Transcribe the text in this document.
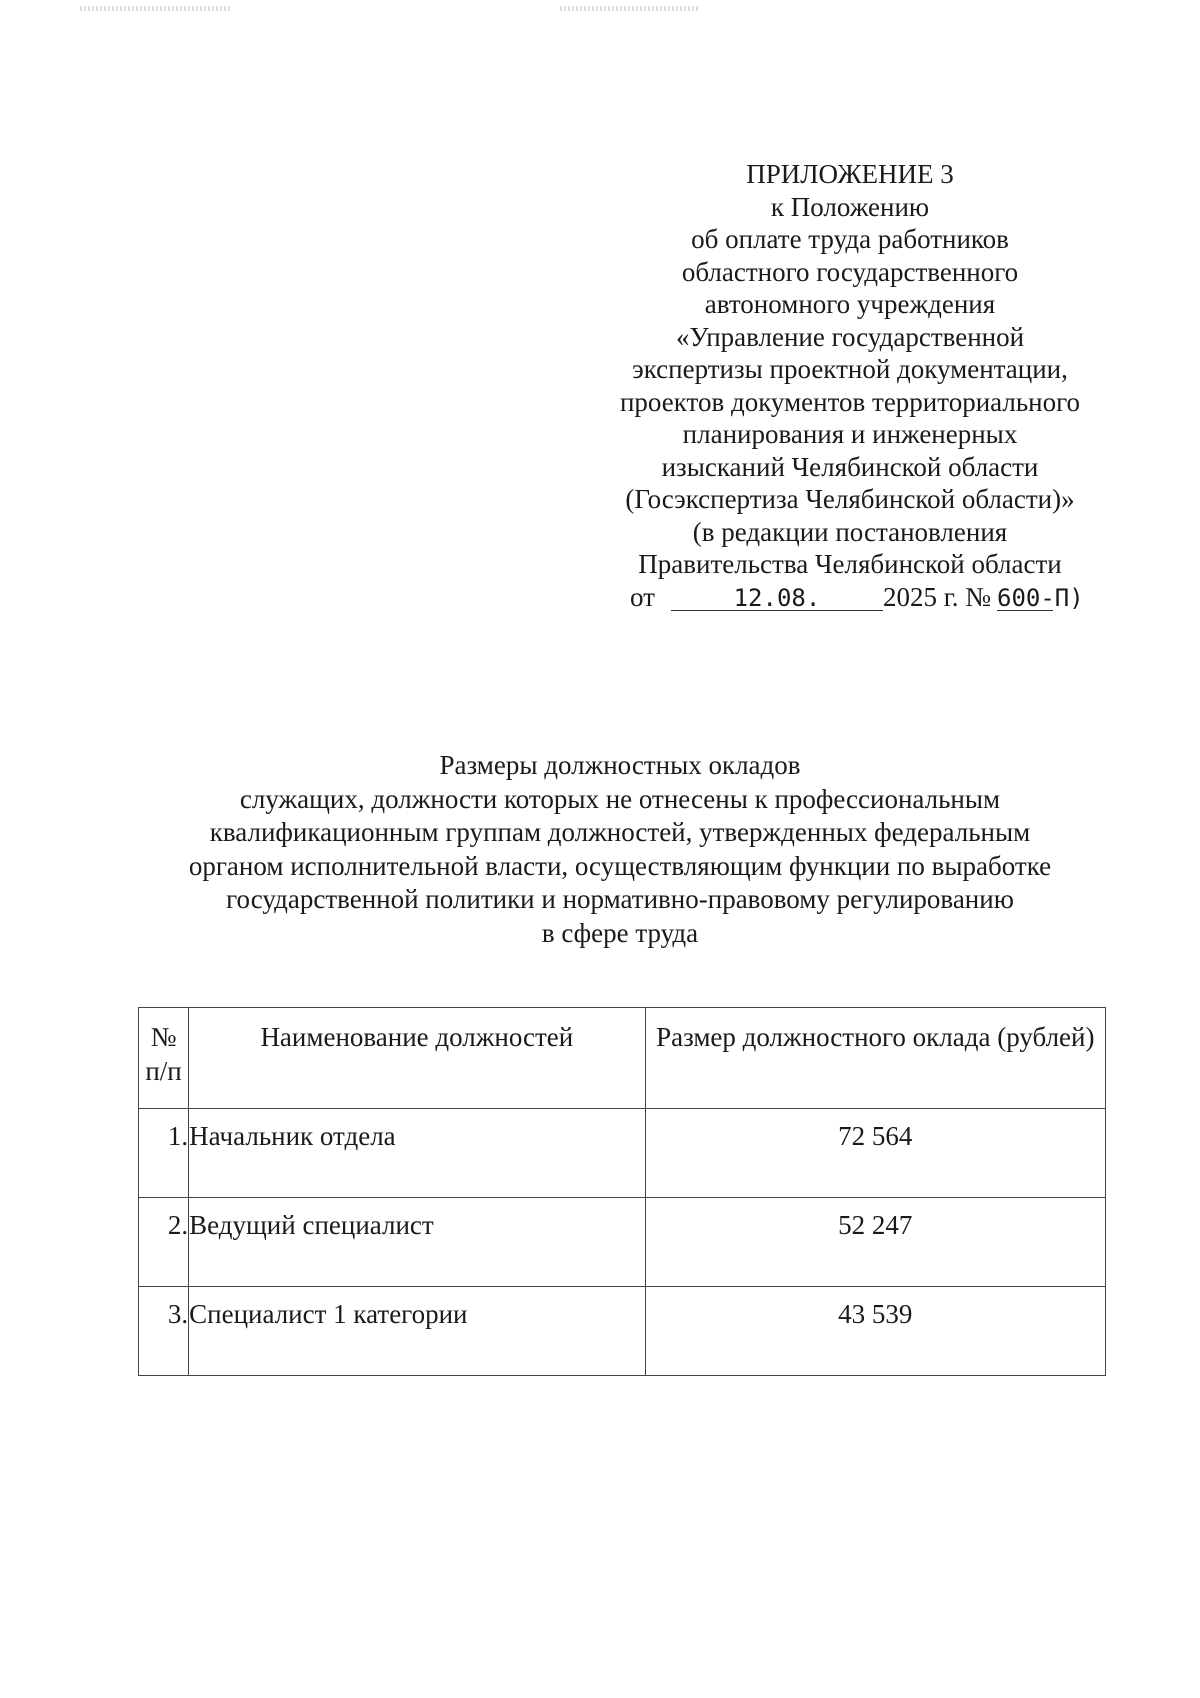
ПРИЛОЖЕНИЕ 3
к Положению
об оплате труда работников
областного государственного
автономного учреждения
«Управление государственной
экспертизы проектной документации,
проектов документов территориального
планирования и инженерных
изысканий Челябинской области
(Госэкспертиза Челябинской области)»
(в редакции постановления
Правительства Челябинской области
от	12.08. 2025 г. № 600-П)
Размеры должностных окладов
служащих, должности которых не отнесены к профессиональным
квалификационным группам должностей, утвержденных федеральным
органом исполнительной власти, осуществляющим функции по выработке
государственной политики и нормативно-правовому регулированию
в сфере труда
№ п/п	Наименование должностей	Размер должностного оклада (рублей)
1.	Начальник отдела	72 564
2.	Ведущий специалист	52 247
3.	Специалист 1 категории	43 539
